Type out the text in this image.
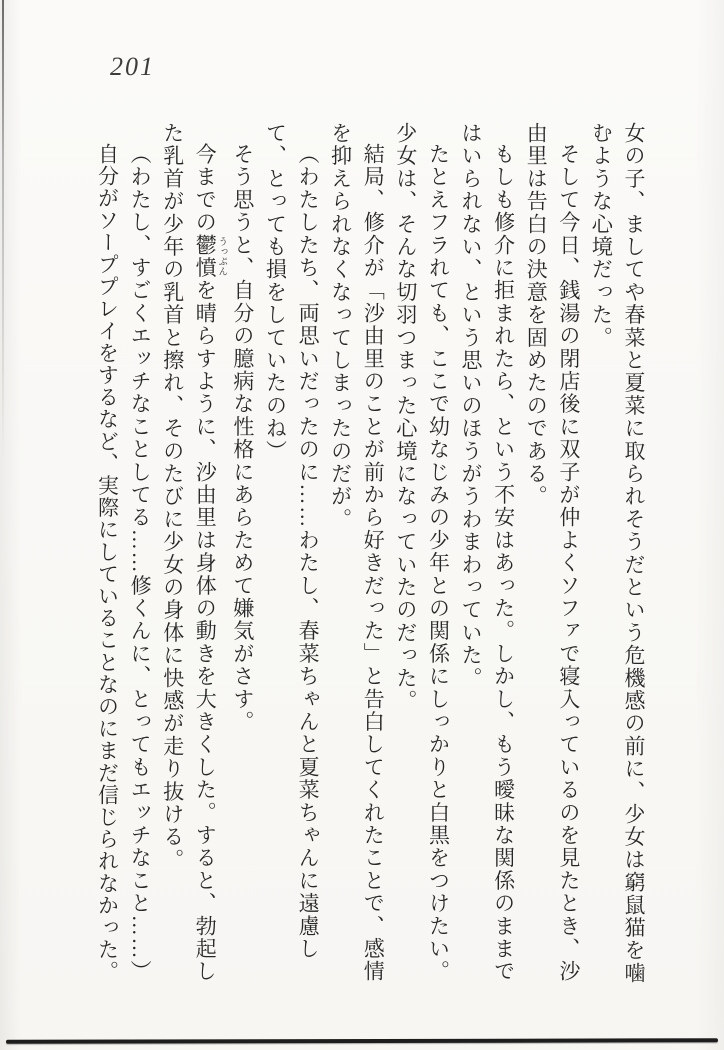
201

女の子、ましてや春菜と夏菜に取られそうだという危機感の前に、少女は窮鼠猫を噛むような心境だった。

そして今日、銭湯の閉店後に双子が仲よくソファで寝入っているのを見たとき、沙由里は告白の決意を固めたのである。

もしも修介に拒まれたら、という不安はあった。しかし、もう曖昧な関係のままではいられない、という思いのほうがうわまわっていた。

たとえフラれても、ここで幼なじみの少年との関係にしっかりと白黒をつけたい。少女は、そんな切羽つまった心境になっていたのだった。

結局、修介が「沙由里のことが前から好きだった」と告白してくれたことで、感情を抑えられなくなってしまったのだが。

（わたしたち、両思いだったのに……わたし、春菜ちゃんと夏菜ちゃんに遠慮して、とっても損をしていたのね）

そう思うと、自分の臆病な性格にあらためて嫌気がさす。

今までの鬱憤 うっぷんを晴らすように、沙由里は身体の動きを大きくした。すると、勃起した乳首が少年の乳首と擦れ、そのたびに少女の身体に快感が走り抜ける。

（わたし、すごくエッチなことしてる……修くんに、とってもエッチなこと……）

自分がソーププレイをするなど、実際にしていることなのにまだ信じられなかった。
